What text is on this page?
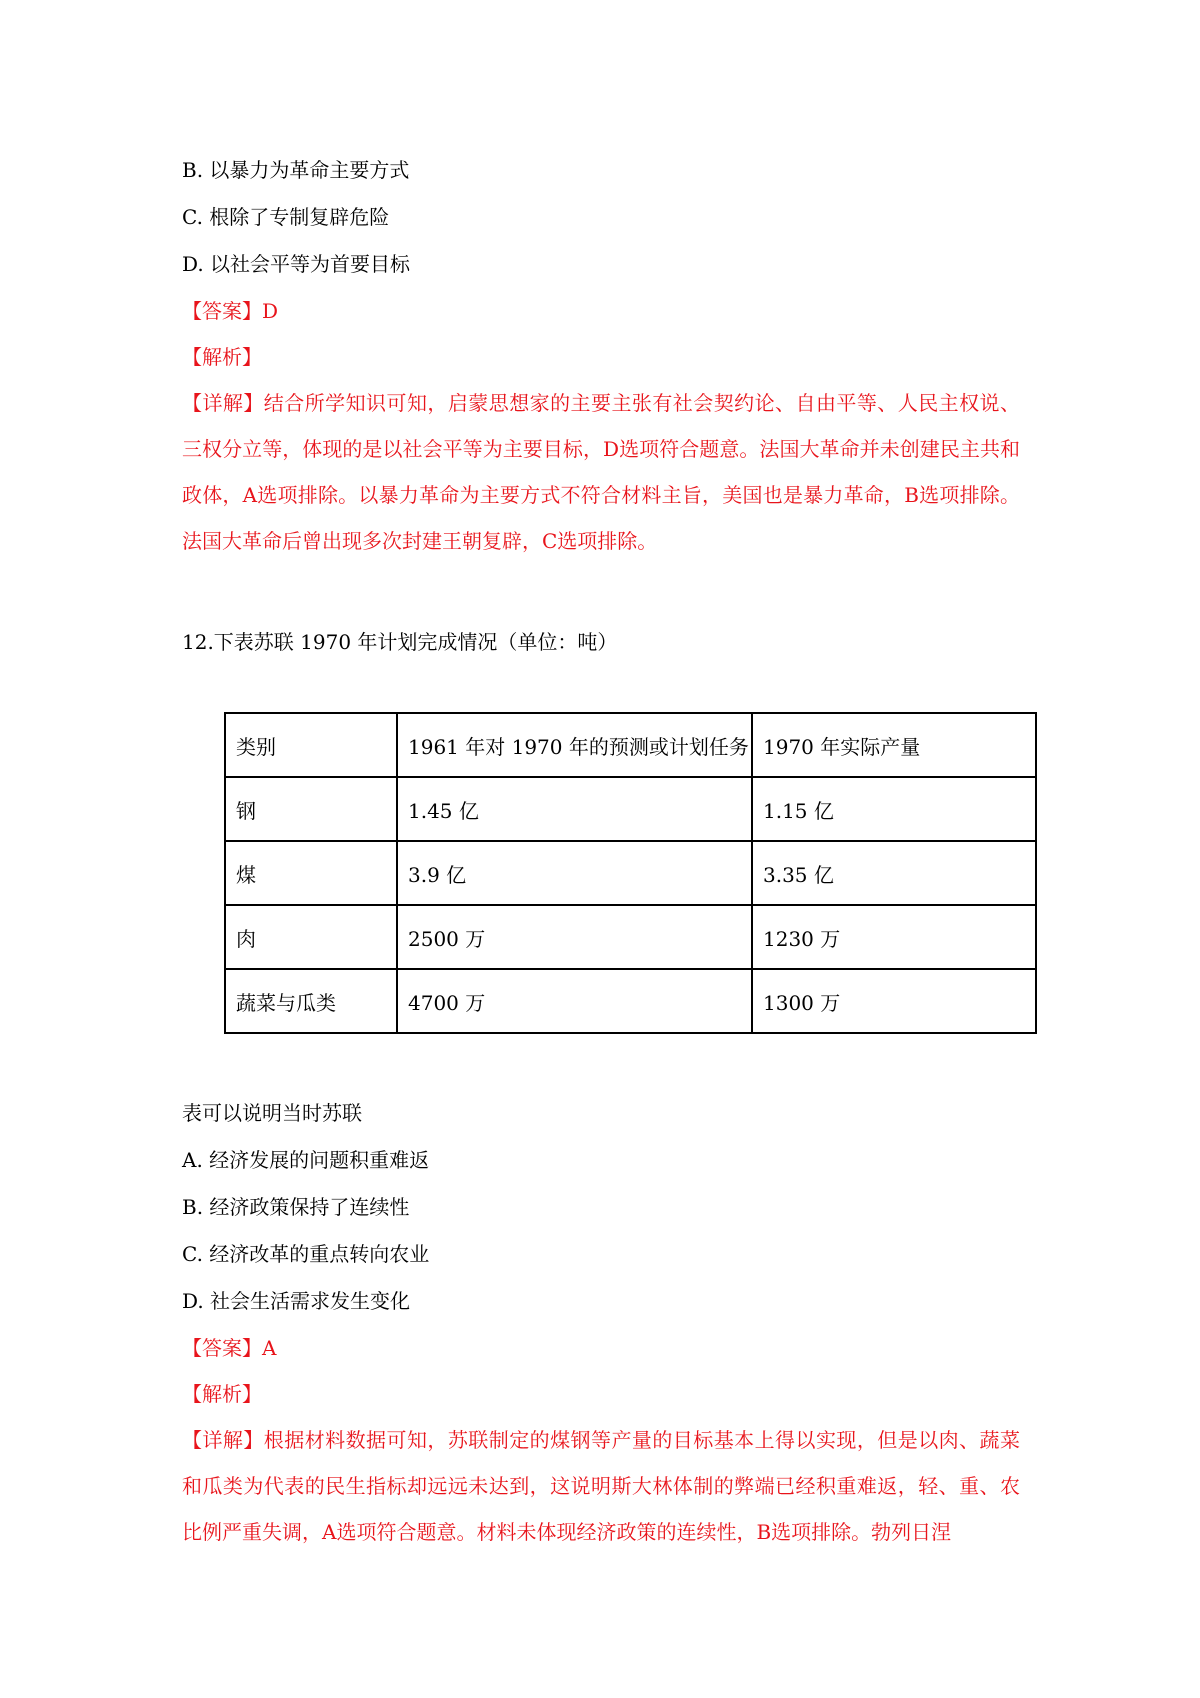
B. 以暴力为革命主要方式

C. 根除了专制复辟危险

D. 以社会平等为首要目标

【答案】D

【解析】

【详解】结合所学知识可知，启蒙思想家的主要主张有社会契约论、自由平等、人民主权说、三权分立等，体现的是以社会平等为主要目标，D选项符合题意。法国大革命并未创建民主共和政体，A选项排除。以暴力革命为主要方式不符合材料主旨，美国也是暴力革命，B选项排除。法国大革命后曾出现多次封建王朝复辟，C选项排除。

12.下表苏联 1970 年计划完成情况（单位：吨）

类别	1961 年对 1970 年的预测或计划任务	1970 年实际产量
钢	1.45 亿	1.15 亿
煤	3.9 亿	3.35 亿
肉	2500 万	1230 万
蔬菜与瓜类	4700 万	1300 万

表可以说明当时苏联

A. 经济发展的问题积重难返

B. 经济政策保持了连续性

C. 经济改革的重点转向农业

D. 社会生活需求发生变化

【答案】A

【解析】

【详解】根据材料数据可知，苏联制定的煤钢等产量的目标基本上得以实现，但是以肉、蔬菜和瓜类为代表的民生指标却远远未达到，这说明斯大林体制的弊端已经积重难返，轻、重、农比例严重失调，A选项符合题意。材料未体现经济政策的连续性，B选项排除。勃列日涅
